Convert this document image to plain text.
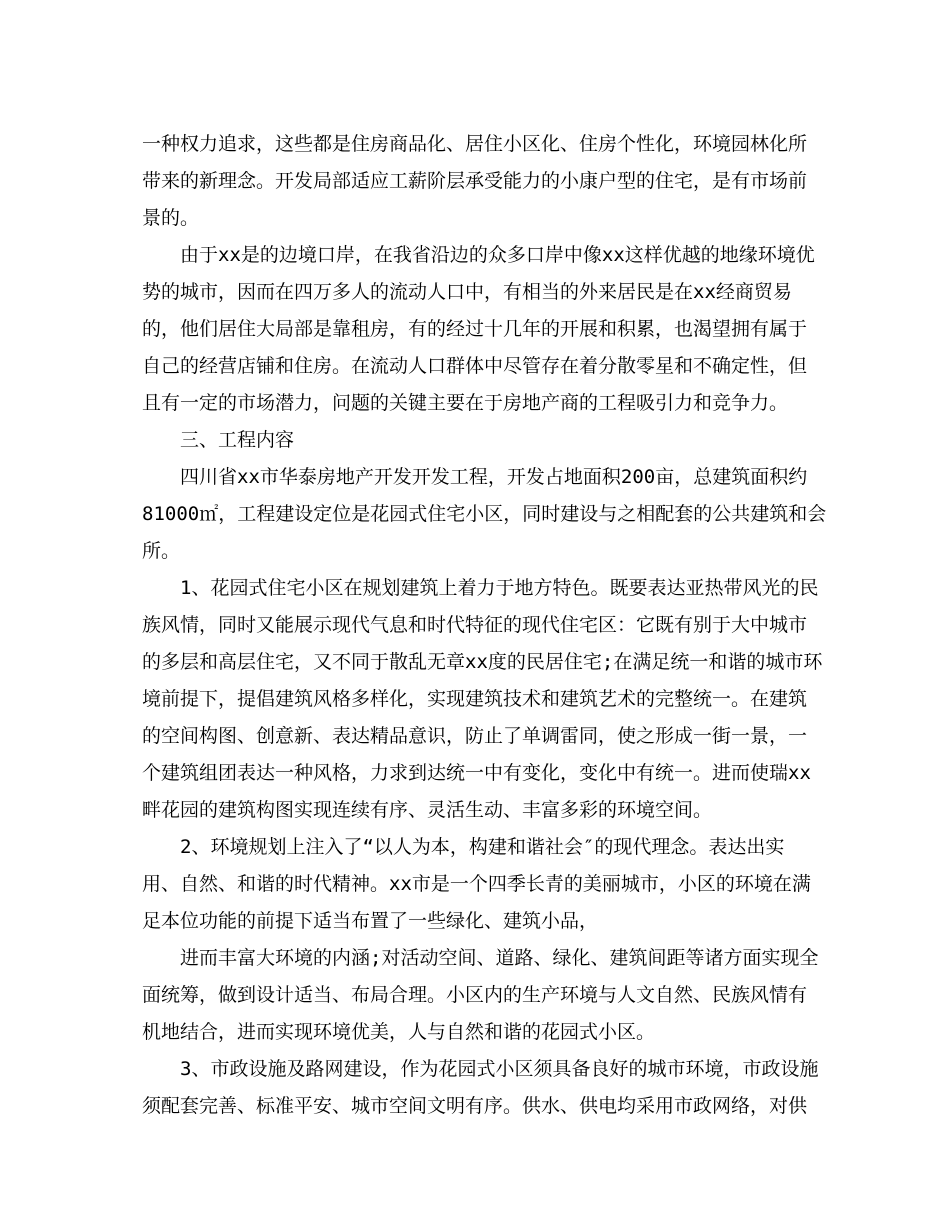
一种权力追求，这些都是住房商品化、居住小区化、住房个性化，环境园林化所
带来的新理念。开发局部适应工薪阶层承受能力的小康户型的住宅，是有市场前
景的。
由于xx是的边境口岸，在我省沿边的众多口岸中像xx这样优越的地缘环境优
势的城市，因而在四万多人的流动人口中，有相当的外来居民是在xx经商贸易
的，他们居住大局部是靠租房，有的经过十几年的开展和积累，也渴望拥有属于
自己的经营店铺和住房。在流动人口群体中尽管存在着分散零星和不确定性，但
且有一定的市场潜力，问题的关键主要在于房地产商的工程吸引力和竞争力。
三、工程内容
四川省xx市华泰房地产开发开发工程，开发占地面积200亩，总建筑面积约
81000㎡，工程建设定位是花园式住宅小区，同时建设与之相配套的公共建筑和会
所。
1、花园式住宅小区在规划建筑上着力于地方特色。既要表达亚热带风光的民
族风情，同时又能展示现代气息和时代特征的现代住宅区：它既有别于大中城市
的多层和高层住宅，又不同于散乱无章xx度的民居住宅;在满足统一和谐的城市环
境前提下，提倡建筑风格多样化，实现建筑技术和建筑艺术的完整统一。在建筑
的空间构图、创意新、表达精品意识，防止了单调雷同，使之形成一街一景，一
个建筑组团表达一种风格，力求到达统一中有变化，变化中有统一。进而使瑞xx
畔花园的建筑构图实现连续有序、灵活生动、丰富多彩的环境空间。
2、环境规划上注入了“以人为本，构建和谐社会″的现代理念。表达出实
用、自然、和谐的时代精神。xx市是一个四季长青的美丽城市，小区的环境在满
足本位功能的前提下适当布置了一些绿化、建筑小品，
进而丰富大环境的内涵;对活动空间、道路、绿化、建筑间距等诸方面实现全
面统筹，做到设计适当、布局合理。小区内的生产环境与人文自然、民族风情有
机地结合，进而实现环境优美，人与自然和谐的花园式小区。
3、市政设施及路网建设，作为花园式小区须具备良好的城市环境，市政设施
须配套完善、标准平安、城市空间文明有序。供水、供电均采用市政网络，对供
